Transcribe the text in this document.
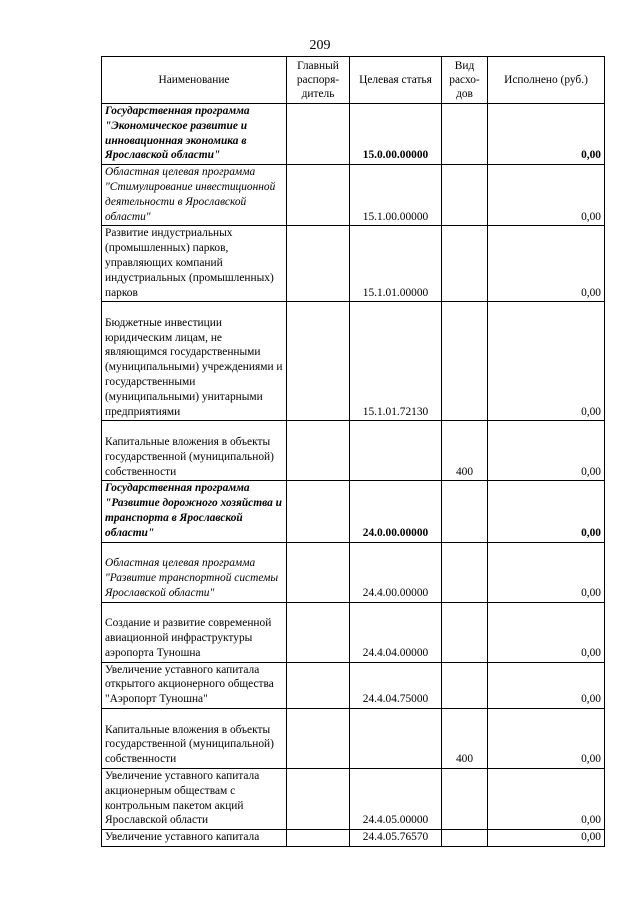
209
Наименование	Главный распоря-дитель	Целевая статья	Вид расхо-дов	Исполнено (руб.)
Государственная программа "Экономическое развитие и инновационная экономика в Ярославской области"		15.0.00.00000		0,00
Областная целевая программа "Стимулирование инвестиционной деятельности в Ярославской области"		15.1.00.00000		0,00
Развитие индустриальных (промышленных) парков, управляющих компаний индустриальных (промышленных) парков		15.1.01.00000		0,00
Бюджетные инвестиции юридическим лицам, не являющимся государственными (муниципальными) учреждениями и государственными (муниципальными) унитарными предприятиями		15.1.01.72130		0,00
Капитальные вложения в объекты государственной (муниципальной) собственности			400	0,00
Государственная программа "Развитие дорожного хозяйства и транспорта в Ярославской области"		24.0.00.00000		0,00
Областная целевая программа "Развитие транспортной системы Ярославской области"		24.4.00.00000		0,00
Создание и развитие современной авиационной инфраструктуры аэропорта Туношна		24.4.04.00000		0,00
Увеличение уставного капитала открытого акционерного общества "Аэропорт Туношна"		24.4.04.75000		0,00
Капитальные вложения в объекты государственной (муниципальной) собственности			400	0,00
Увеличение уставного капитала акционерным обществам с контрольным пакетом акций Ярославской области		24.4.05.00000		0,00
Увеличение уставного капитала		24.4.05.76570		0,00
